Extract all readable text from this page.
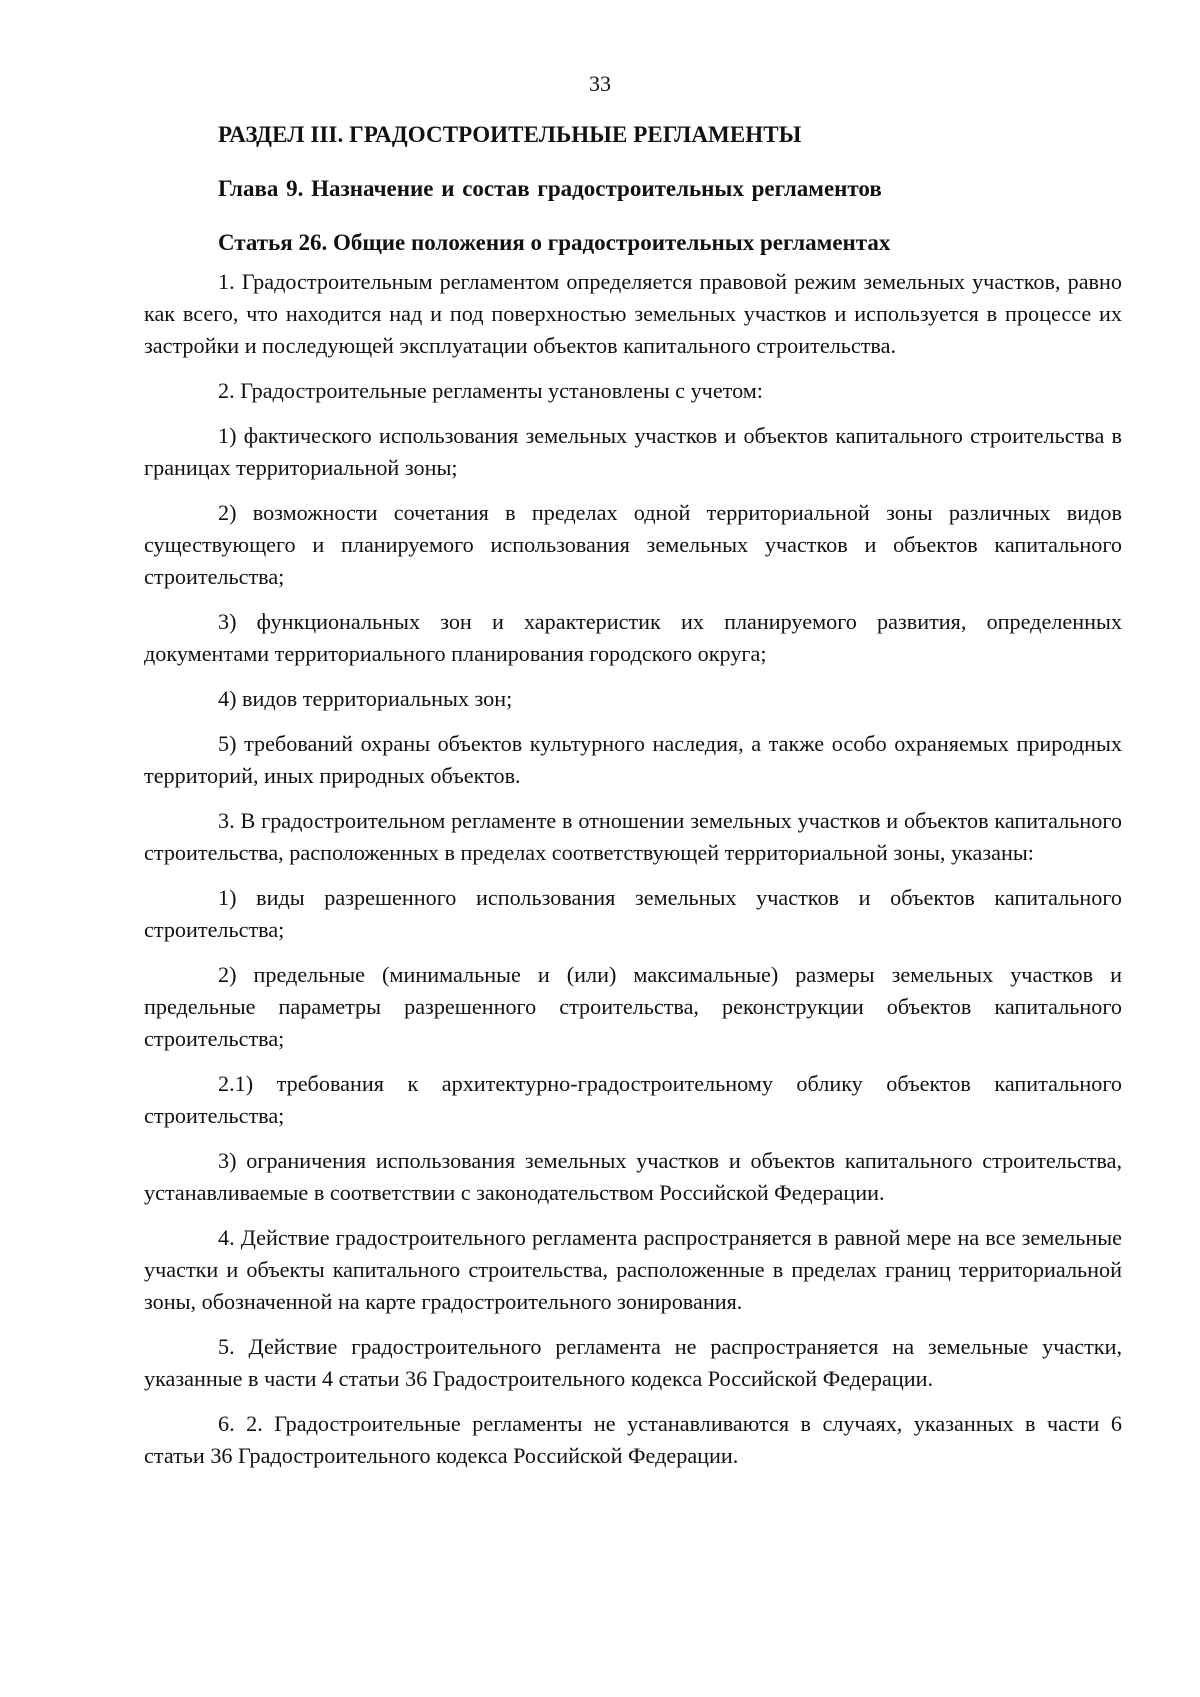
33
РАЗДЕЛ III. ГРАДОСТРОИТЕЛЬНЫЕ РЕГЛАМЕНТЫ
Глава 9. Назначение и состав градостроительных регламентов
Статья 26. Общие положения о градостроительных регламентах

1. Градостроительным регламентом определяется правовой режим земельных участков, равно как всего, что находится над и под поверхностью земельных участков и используется в процессе их застройки и последующей эксплуатации объектов капитального строительства.

2. Градостроительные регламенты установлены с учетом:

1) фактического использования земельных участков и объектов капитального строительства в границах территориальной зоны;

2) возможности сочетания в пределах одной территориальной зоны различных видов существующего и планируемого использования земельных участков и объектов капитального строительства;

3) функциональных зон и характеристик их планируемого развития, определенных документами территориального планирования городского округа;

4) видов территориальных зон;

5) требований охраны объектов культурного наследия, а также особо охраняемых природных территорий, иных природных объектов.

3. В градостроительном регламенте в отношении земельных участков и объектов капитального строительства, расположенных в пределах соответствующей территориальной зоны, указаны:

1) виды разрешенного использования земельных участков и объектов капитального строительства;

2) предельные (минимальные и (или) максимальные) размеры земельных участков и предельные параметры разрешенного строительства, реконструкции объектов капитального строительства;

2.1) требования к архитектурно-градостроительному облику объектов капитального строительства;

3) ограничения использования земельных участков и объектов капитального строительства, устанавливаемые в соответствии с законодательством Российской Федерации.

4. Действие градостроительного регламента распространяется в равной мере на все земельные участки и объекты капитального строительства, расположенные в пределах границ территориальной зоны, обозначенной на карте градостроительного зонирования.

5. Действие градостроительного регламента не распространяется на земельные участки, указанные в части 4 статьи 36 Градостроительного кодекса Российской Федерации.

6. 2. Градостроительные регламенты не устанавливаются в случаях, указанных в части 6 статьи 36 Градостроительного кодекса Российской Федерации.
